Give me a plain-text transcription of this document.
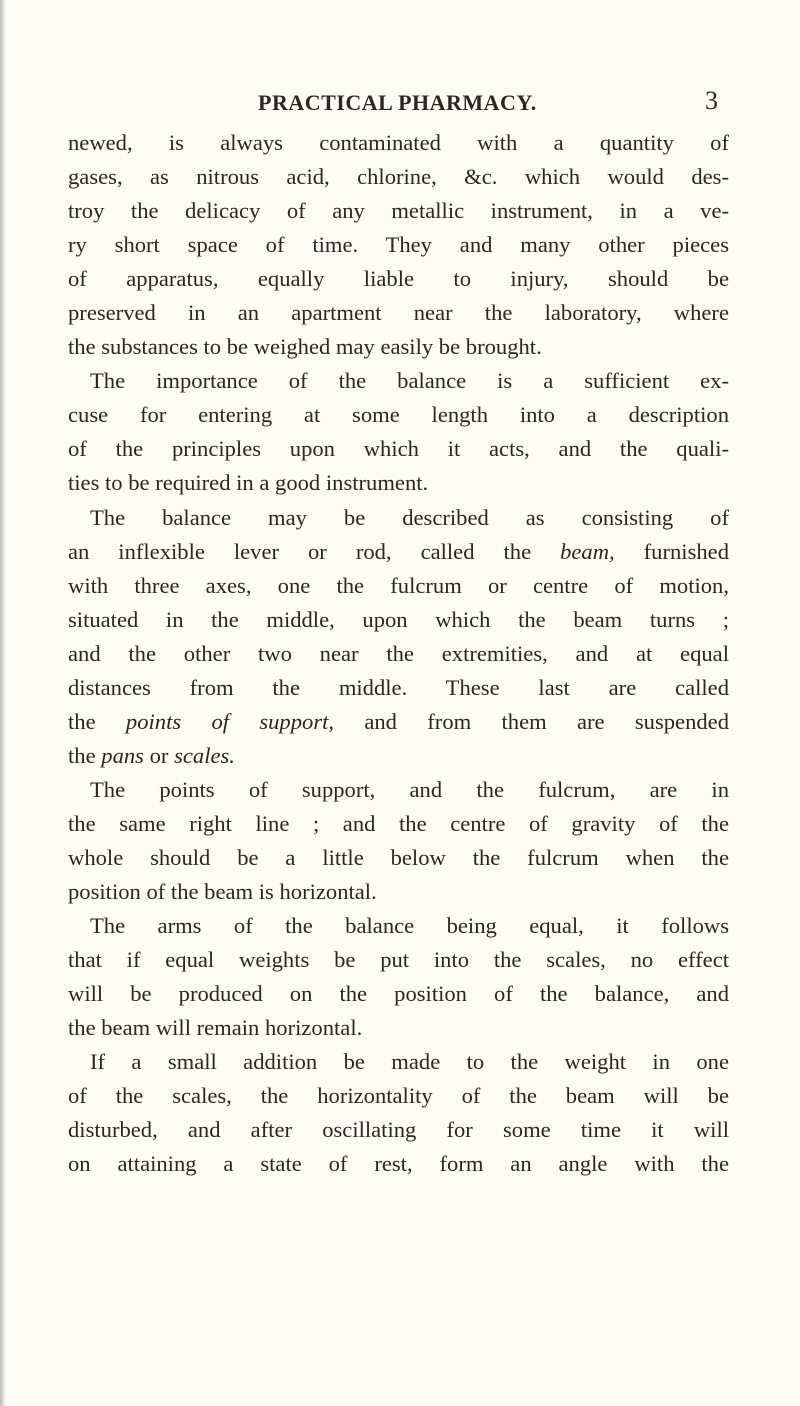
PRACTICAL PHARMACY.	3
newed, is always contaminated with a quantity of
gases, as nitrous acid, chlorine, &c. which would des-
troy the delicacy of any metallic instrument, in a ve-
ry short space of time. They and many other pieces
of apparatus, equally liable to injury, should be
preserved in an apartment near the laboratory, where
the substances to be weighed may easily be brought.
The importance of the balance is a sufficient ex-
cuse for entering at some length into a description
of the principles upon which it acts, and the quali-
ties to be required in a good instrument.
The balance may be described as consisting of
an inflexible lever or rod, called the beam, furnished
with three axes, one the fulcrum or centre of motion,
situated in the middle, upon which the beam turns ;
and the other two near the extremities, and at equal
distances from the middle. These last are called
the points of support, and from them are suspended
the pans or scales.
The points of support, and the fulcrum, are in
the same right line ; and the centre of gravity of the
whole should be a little below the fulcrum when the
position of the beam is horizontal.
The arms of the balance being equal, it follows
that if equal weights be put into the scales, no effect
will be produced on the position of the balance, and
the beam will remain horizontal.
If a small addition be made to the weight in one
of the scales, the horizontality of the beam will be
disturbed, and after oscillating for some time it will
on attaining a state of rest, form an angle with the
